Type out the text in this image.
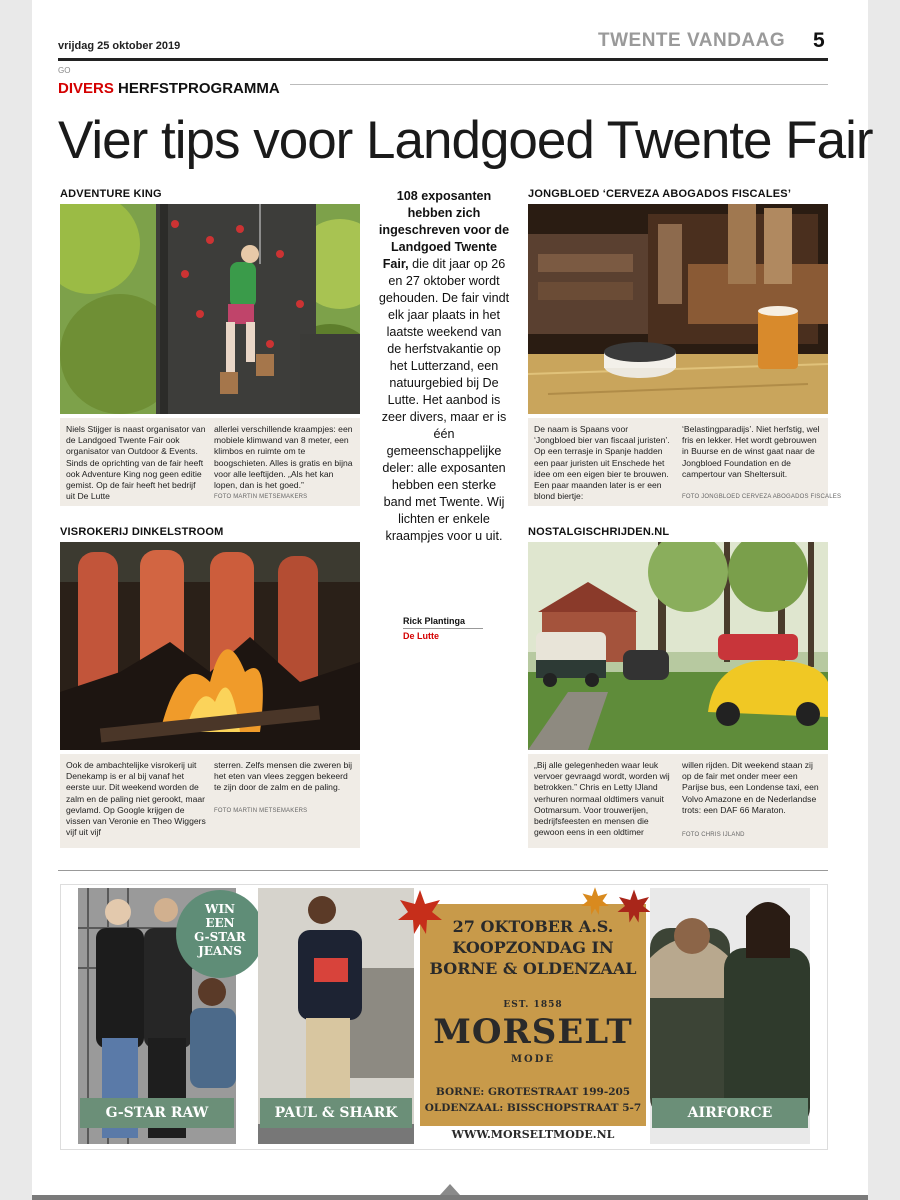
vrijdag 25 oktober 2019	TWENTE VANDAAG 5
GO
DIVERS HERFSTPROGRAMMA
Vier tips voor Landgoed Twente Fair
ADVENTURE KING
Niels Stijger is naast organisator van de Landgoed Twente Fair ook organisator van Outdoor & Events. Sinds de oprichting van de fair heeft ook Adventure King nog geen editie gemist. Op de fair heeft het bedrijf uit De Lutte
allerlei verschillende kraampjes: een mobiele klimwand van 8 meter, een klimbos en ruimte om te boogschieten. Alles is gratis en bijna voor alle leeftijden. „Als het kan lopen, dan is het goed.”
FOTO MARTIN METSEMAKERS
JONGBLOED ‘CERVEZA ABOGADOS FISCALES’
De naam is Spaans voor ‘Jongbloed bier van fiscaal juristen’. Op een terrasje in Spanje hadden een paar juristen uit Enschede het idee om een eigen bier te brouwen. Een paar maanden later is er een blond biertje:
‘Belastingparadijs’. Niet herfstig, wel fris en lekker. Het wordt gebrouwen in Buurse en de winst gaat naar de Jongbloed Foundation en de campertour van Sheltersuit.
FOTO JONGBLOED CERVEZA ABOGADOS FISCALES
108 exposanten hebben zich ingeschreven voor de Landgoed Twente Fair, die dit jaar op 26 en 27 oktober wordt gehouden. De fair vindt elk jaar plaats in het laatste weekend van de herfstvakantie op het Lutterzand, een natuurgebied bij De Lutte. Het aanbod is zeer divers, maar er is één gemeenschappelijke deler: alle exposanten hebben een sterke band met Twente. Wij lichten er enkele kraampjes voor u uit.
Rick Plantinga
De Lutte
VISROKERIJ DINKELSTROOM
Ook de ambachtelijke visrokerij uit Denekamp is er al bij vanaf het eerste uur. Dit weekend worden de zalm en de paling niet gerookt, maar gevlamd. Op Google krijgen de vissen van Veronie en Theo Wiggers vijf uit vijf
sterren. Zelfs mensen die zweren bij het eten van vlees zeggen bekeerd te zijn door de zalm en de paling.
FOTO MARTIN METSEMAKERS
NOSTALGISCHRIJDEN.NL
„Bij alle gelegenheden waar leuk vervoer gevraagd wordt, worden wij betrokken.” Chris en Letty IJland verhuren normaal oldtimers vanuit Ootmarsum. Voor trouwerijen, bedrijfsfeesten en mensen die gewoon eens in een oldtimer
willen rijden. Dit weekend staan zij op de fair met onder meer een Parijse bus, een Londense taxi, een Volvo Amazone en de Nederlandse trots: een DAF 66 Maraton.
FOTO CHRIS IJLAND
WIN
EEN
G-STAR
JEANS
G-STAR RAW	PAUL & SHARK
27 OKTOBER A.S.
KOOPZONDAG IN
BORNE & OLDENZAAL
EST. 1858
MORSELT
MODE
BORNE: GROTESTRAAT 199-205
OLDENZAAL: BISSCHOPSTRAAT 5-7
WWW.MORSELTMODE.NL
AIRFORCE
